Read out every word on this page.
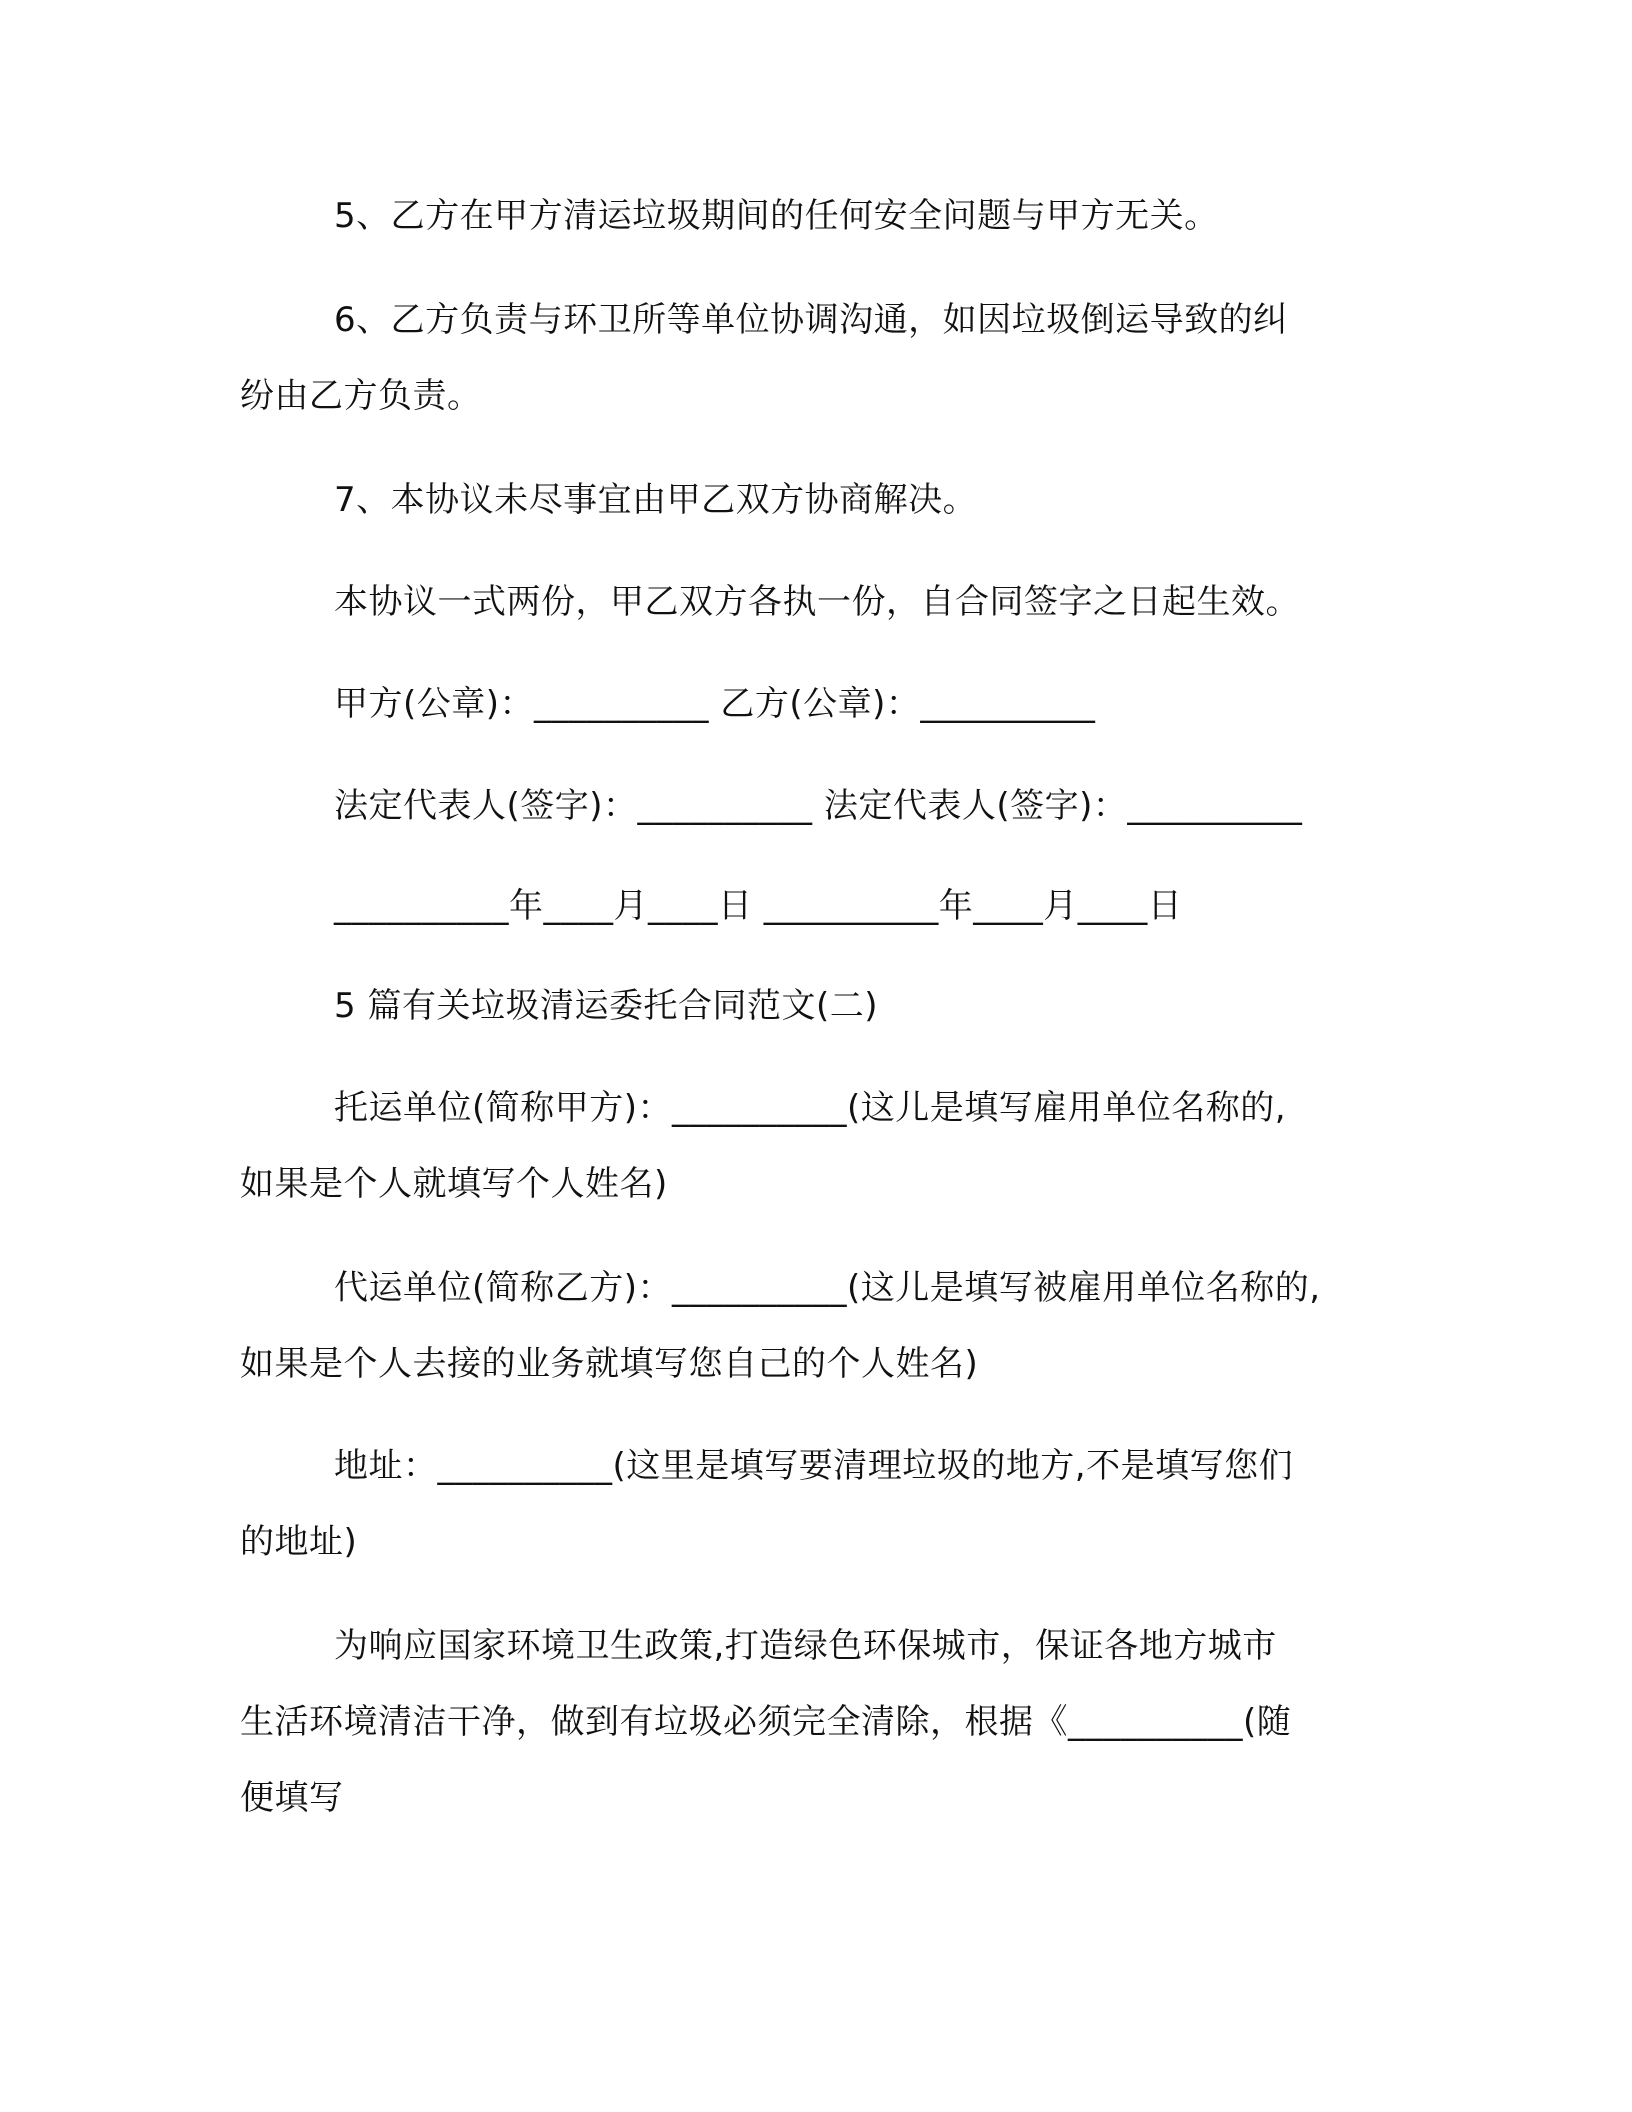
5、乙方在甲方清运垃圾期间的任何安全问题与甲方无关。
6、乙方负责与环卫所等单位协调沟通，如因垃圾倒运导致的纠
纷由乙方负责。
7、本协议未尽事宜由甲乙双方协商解决。
本协议一式两份，甲乙双方各执一份，自合同签字之日起生效。
甲方(公章)：__________ 乙方(公章)：__________
法定代表人(签字)：__________ 法定代表人(签字)：__________
__________年____月____日 __________年____月____日
5 篇有关垃圾清运委托合同范文(二)
托运单位(简称甲方)：__________(这儿是填写雇用单位名称的,
如果是个人就填写个人姓名)
代运单位(简称乙方)：__________(这儿是填写被雇用单位名称的,
如果是个人去接的业务就填写您自己的个人姓名)
地址：__________(这里是填写要清理垃圾的地方,不是填写您们
的地址)
为响应国家环境卫生政策,打造绿色环保城市，保证各地方城市
生活环境清洁干净，做到有垃圾必须完全清除，根据《__________(随
便填写
